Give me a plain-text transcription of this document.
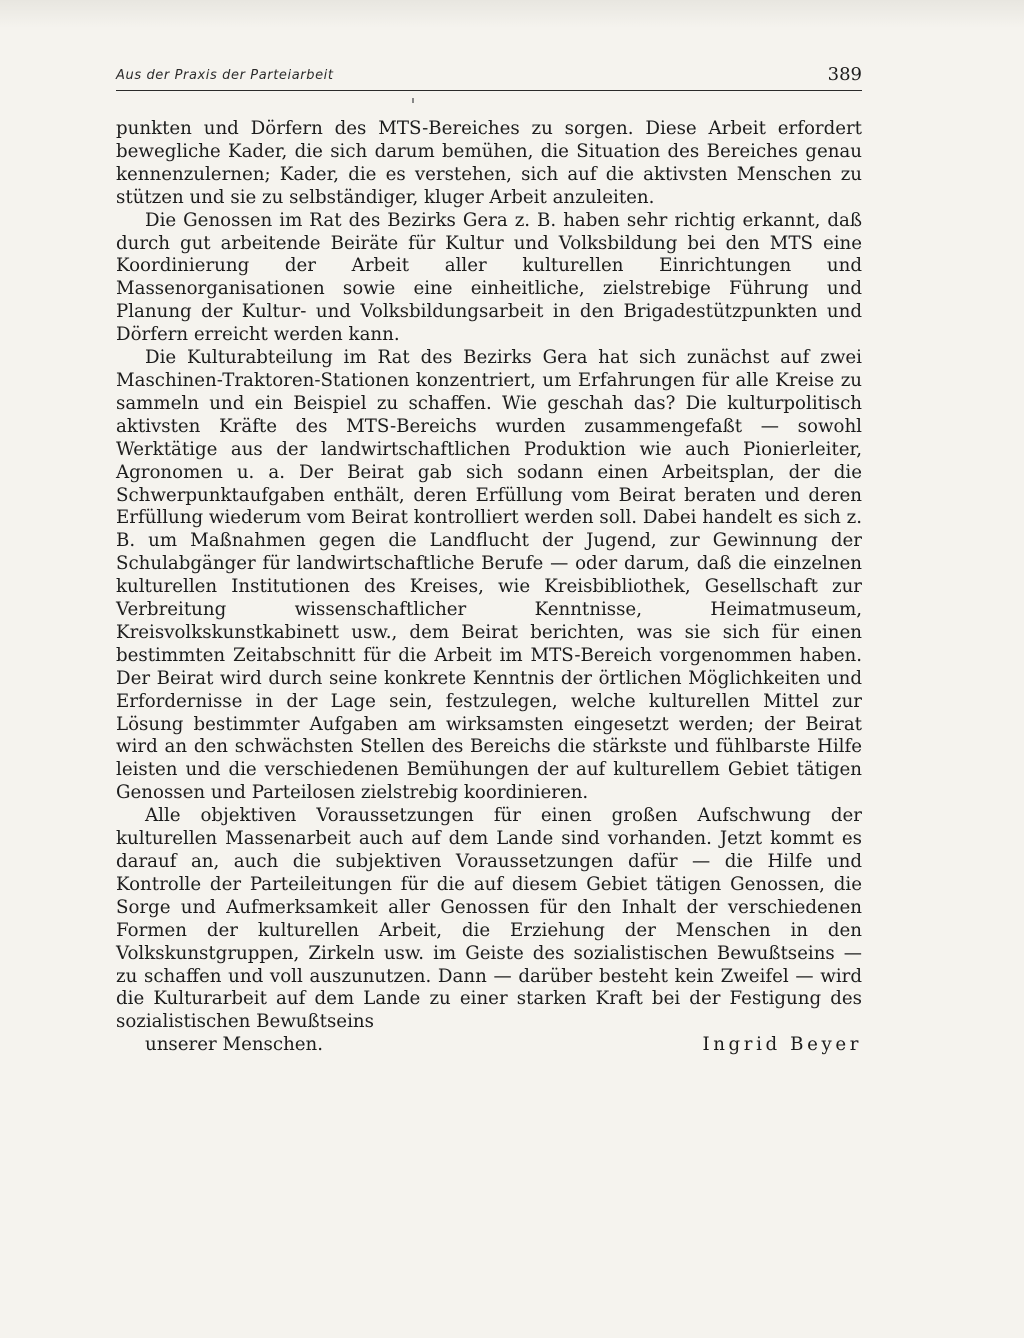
Aus der Praxis der Parteiarbeit	389

punkten und Dörfern des MTS-Bereiches zu sorgen. Diese Arbeit erfordert bewegliche Kader, die sich darum bemühen, die Situation des Bereiches genau kennenzulernen; Kader, die es verstehen, sich auf die aktivsten Menschen zu stützen und sie zu selbständiger, kluger Arbeit anzuleiten.

Die Genossen im Rat des Bezirks Gera z. B. haben sehr richtig erkannt, daß durch gut arbeitende Beiräte für Kultur und Volksbildung bei den MTS eine Koordinierung der Arbeit aller kulturellen Einrichtungen und Massenorganisationen sowie eine einheitliche, zielstrebige Führung und Planung der Kultur- und Volksbildungsarbeit in den Brigadestützpunkten und Dörfern erreicht werden kann.

Die Kulturabteilung im Rat des Bezirks Gera hat sich zunächst auf zwei Maschinen-Traktoren-Stationen konzentriert, um Erfahrungen für alle Kreise zu sammeln und ein Beispiel zu schaffen. Wie geschah das? Die kulturpolitisch aktivsten Kräfte des MTS-Bereichs wurden zusammengefaßt — sowohl Werktätige aus der landwirtschaftlichen Produktion wie auch Pionierleiter, Agronomen u. a. Der Beirat gab sich sodann einen Arbeitsplan, der die Schwerpunktaufgaben enthält, deren Erfüllung vom Beirat beraten und deren Erfüllung wiederum vom Beirat kontrolliert werden soll. Dabei handelt es sich z. B. um Maßnahmen gegen die Landflucht der Jugend, zur Gewinnung der Schulabgänger für landwirtschaftliche Berufe — oder darum, daß die einzelnen kulturellen Institutionen des Kreises, wie Kreisbibliothek, Gesellschaft zur Verbreitung wissenschaftlicher Kenntnisse, Heimatmuseum, Kreisvolkskunstkabinett usw., dem Beirat berichten, was sie sich für einen bestimmten Zeitabschnitt für die Arbeit im MTS-Bereich vorgenommen haben. Der Beirat wird durch seine konkrete Kenntnis der örtlichen Möglichkeiten und Erfordernisse in der Lage sein, festzulegen, welche kulturellen Mittel zur Lösung bestimmter Aufgaben am wirksamsten eingesetzt werden; der Beirat wird an den schwächsten Stellen des Bereichs die stärkste und fühlbarste Hilfe leisten und die verschiedenen Bemühungen der auf kulturellem Gebiet tätigen Genossen und Parteilosen zielstrebig koordinieren.

Alle objektiven Voraussetzungen für einen großen Aufschwung der kulturellen Massenarbeit auch auf dem Lande sind vorhanden. Jetzt kommt es darauf an, auch die subjektiven Voraussetzungen dafür — die Hilfe und Kontrolle der Parteileitungen für die auf diesem Gebiet tätigen Genossen, die Sorge und Aufmerksamkeit aller Genossen für den Inhalt der verschiedenen Formen der kulturellen Arbeit, die Erziehung der Menschen in den Volkskunstgruppen, Zirkeln usw. im Geiste des sozialistischen Bewußtseins — zu schaffen und voll auszunutzen. Dann — darüber besteht kein Zweifel — wird die Kulturarbeit auf dem Lande zu einer starken Kraft bei der Festigung des sozialistischen Bewußtseins

unserer Menschen.	Ingrid Beyer
